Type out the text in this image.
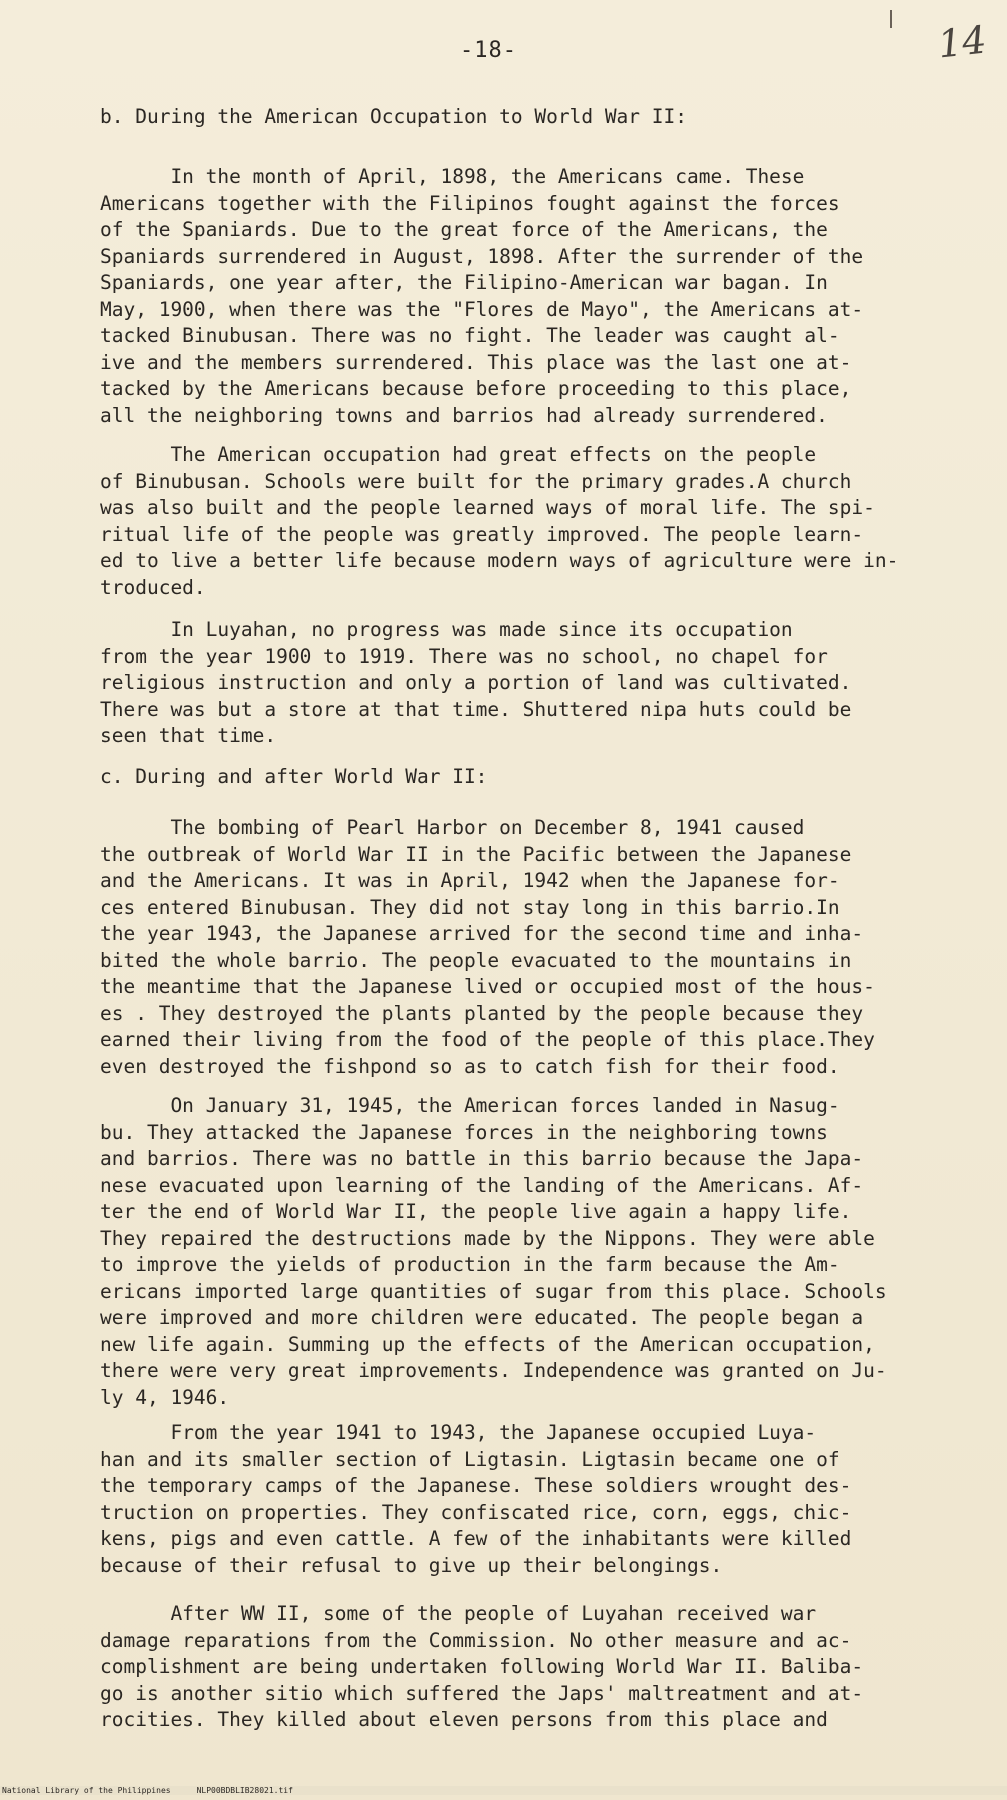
-18-	14
b. During the American Occupation to World War II:
In the month of April, 1898, the Americans came. These
Americans together with the Filipinos fought against the forces
of the Spaniards. Due to the great force of the Americans, the
Spaniards surrendered in August, 1898. After the surrender of the
Spaniards, one year after, the Filipino-American war bagan. In
May, 1900, when there was the "Flores de Mayo", the Americans at-
tacked Binubusan. There was no fight. The leader was caught al-
ive and the members surrendered. This place was the last one at-
tacked by the Americans because before proceeding to this place,
all the neighboring towns and barrios had already surrendered.
The American occupation had great effects on the people
of Binubusan. Schools were built for the primary grades.A church
was also built and the people learned ways of moral life. The spi-
ritual life of the people was greatly improved. The people learn-
ed to live a better life because modern ways of agriculture were in-
troduced.
In Luyahan, no progress was made since its occupation
from the year 1900 to 1919. There was no school, no chapel for
religious instruction and only a portion of land was cultivated.
There was but a store at that time. Shuttered nipa huts could be
seen that time.
c. During and after World War II:
The bombing of Pearl Harbor on December 8, 1941 caused
the outbreak of World War II in the Pacific between the Japanese
and the Americans. It was in April, 1942 when the Japanese for-
ces entered Binubusan. They did not stay long in this barrio.In
the year 1943, the Japanese arrived for the second time and inha-
bited the whole barrio. The people evacuated to the mountains in
the meantime that the Japanese lived or occupied most of the hous-
es . They destroyed the plants planted by the people because they
earned their living from the food of the people of this place.They
even destroyed the fishpond so as to catch fish for their food.
On January 31, 1945, the American forces landed in Nasug-
bu. They attacked the Japanese forces in the neighboring towns
and barrios. There was no battle in this barrio because the Japa-
nese evacuated upon learning of the landing of the Americans. Af-
ter the end of World War II, the people live again a happy life.
They repaired the destructions made by the Nippons. They were able
to improve the yields of production in the farm because the Am-
ericans imported large quantities of sugar from this place. Schools
were improved and more children were educated. The people began a
new life again. Summing up the effects of the American occupation,
there were very great improvements. Independence was granted on Ju-
ly 4, 1946.
From the year 1941 to 1943, the Japanese occupied Luya-
han and its smaller section of Ligtasin. Ligtasin became one of
the temporary camps of the Japanese. These soldiers wrought des-
truction on properties. They confiscated rice, corn, eggs, chic-
kens, pigs and even cattle. A few of the inhabitants were killed
because of their refusal to give up their belongings.
After WW II, some of the people of Luyahan received war
damage reparations from the Commission. No other measure and ac-
complishment are being undertaken following World War II. Baliba-
go is another sitio which suffered the Japs' maltreatment and at-
rocities. They killed about eleven persons from this place and
National Library of the Philippines	NLP00BDBLIB28021.tif
